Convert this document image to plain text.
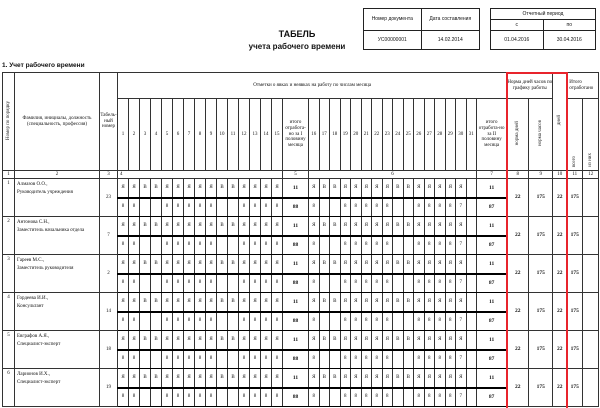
ТАБЕЛЬ
учета рабочего времени
Номер документа	Дата составления
УС00000001	14.02.2014
Отчетный период	
с	по
01.04.2016	30.04.2016
1. Учет рабочего времени
Номер по порядку	Фамилия, инициалы, должность (специальность, профессия)	Табель-ный номер	Отметки о явках и неявках на работу по числам месяца																																	Норма дней часов по графику работы		дней	Итого отработано	
			1	2	3	4	5	6	7	8	9	10	11	12	13	14	15	итого отработа-но за I половину месяца	16	17	18	19	20	21	22	23	24	25	26	27	28	29	30	31	итого отработа-но за II половину месяца	норма дней	норма часов		всего	из них
1	2	3	4															5	6																7	8	9	10	11	12
1	Алмазов О.О.,
Руководитель учреждения	23	Я	Я	В	В	Я	Я	Я	Я	Я	В	В	Я	Я	Я	Я	11	Я	В	В	Я	Я	Я	Я	Я	В	В	Я	Я	Я	Я	Я		11	22	175	22	175	
			8	8			8	8	8	8	8			8	8	8	8	88	8			8	8	8	8	8			8	8	8	8	7		87					
2	Антонова С.Н.,
Заместитель начальника отдела	7	Я	Я	В	В	Я	Я	Я	Я	Я	В	В	Я	Я	Я	Я	11	Я	В	В	Я	Я	Я	Я	Я	В	В	Я	Я	Я	Я	Я		11	22	175	22	175	
			8	8			8	8	8	8	8			8	8	8	8	88	8			8	8	8	8	8			8	8	8	8	7		87					
3	Гареев М.С.,
Заместитель руководителя	2	Я	Я	В	В	Я	Я	Я	Я	Я	В	В	Я	Я	Я	Я	11	Я	В	В	Я	Я	Я	Я	Я	В	В	Я	Я	Я	Я	Я		11	22	175	22	175	
			8	8			8	8	8	8	8			8	8	8	8	88	8			8	8	8	8	8			8	8	8	8	7		87					
4	Гордеева И.И.,
Консультант	14	Я	Я	В	В	Я	Я	Я	Я	Я	В	В	Я	Я	Я	Я	11	Я	В	В	Я	Я	Я	Я	Я	В	В	Я	Я	Я	Я	Я		11	22	175	22	175	
			8	8			8	8	8	8	8			8	8	8	8	88	8			8	8	8	8	8			8	8	8	8	7		87					
5	Евграфов А.Я.,
Специалист-эксперт	18	Я	Я	В	В	Я	Я	Я	Я	Я	В	В	Я	Я	Я	Я	11	Я	В	В	Я	Я	Я	Я	Я	В	В	Я	Я	Я	Я	Я		11	22	175	22	175	
			8	8			8	8	8	8	8			8	8	8	8	88	8			8	8	8	8	8			8	8	8	8	7		87					
6	Ларионов И.Х.,
Специалист-эксперт	19	Я	Я	В	В	Я	Я	Я	Я	Я	В	В	Я	Я	Я	Я	11	Я	В	В	Я	Я	Я	Я	Я	В	В	Я	Я	Я	Я	Я		11	22	175	22	175	
			8	8			8	8	8	8	8			8	8	8	8	88	8			8	8	8	8	8			8	8	8	8	7		87					
